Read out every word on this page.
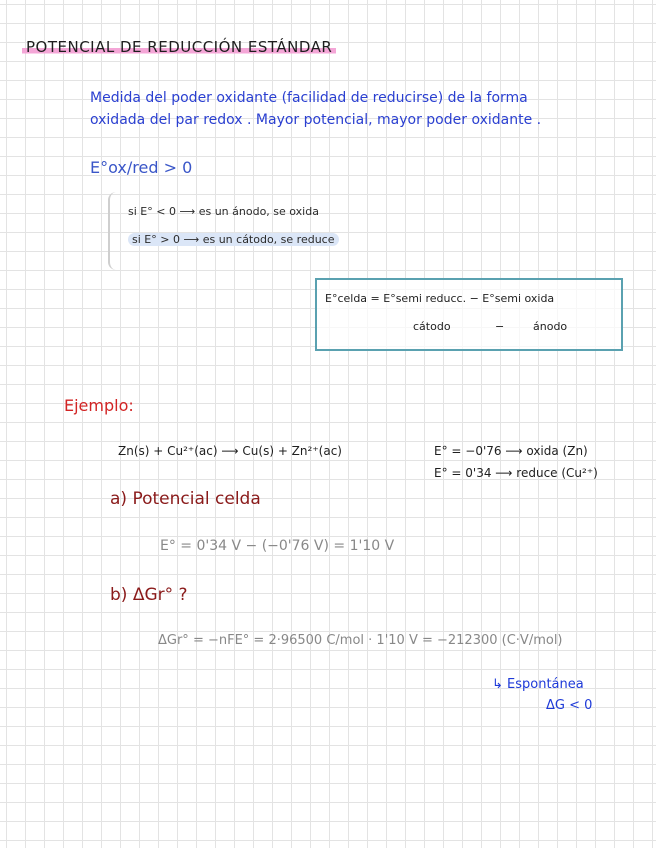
POTENCIAL DE REDUCCIÓN ESTÁNDAR
Medida del poder oxidante (facilidad de reducirse) de la forma
oxidada del par redox . Mayor potencial, mayor poder oxidante .
E°ox/red > 0
si E° < 0 ⟶ es un ánodo, se oxida
si E° > 0 ⟶ es un cátodo, se reduce
E°celda = E°semi reducc. − E°semi oxida
cátodo	−	ánodo
Ejemplo:
Zn(s) + Cu²⁺(ac) ⟶ Cu(s) + Zn²⁺(ac)	E° = −0'76 ⟶ oxida (Zn)
E° = 0'34 ⟶ reduce (Cu²⁺)
a) Potencial celda
E° = 0'34 V − (−0'76 V) = 1'10 V
b) ΔGr° ?
ΔGr° = −nFE° = 2·96500 C/mol · 1'10 V = −212300 (C·V/mol)
↳ Espontánea
ΔG < 0
